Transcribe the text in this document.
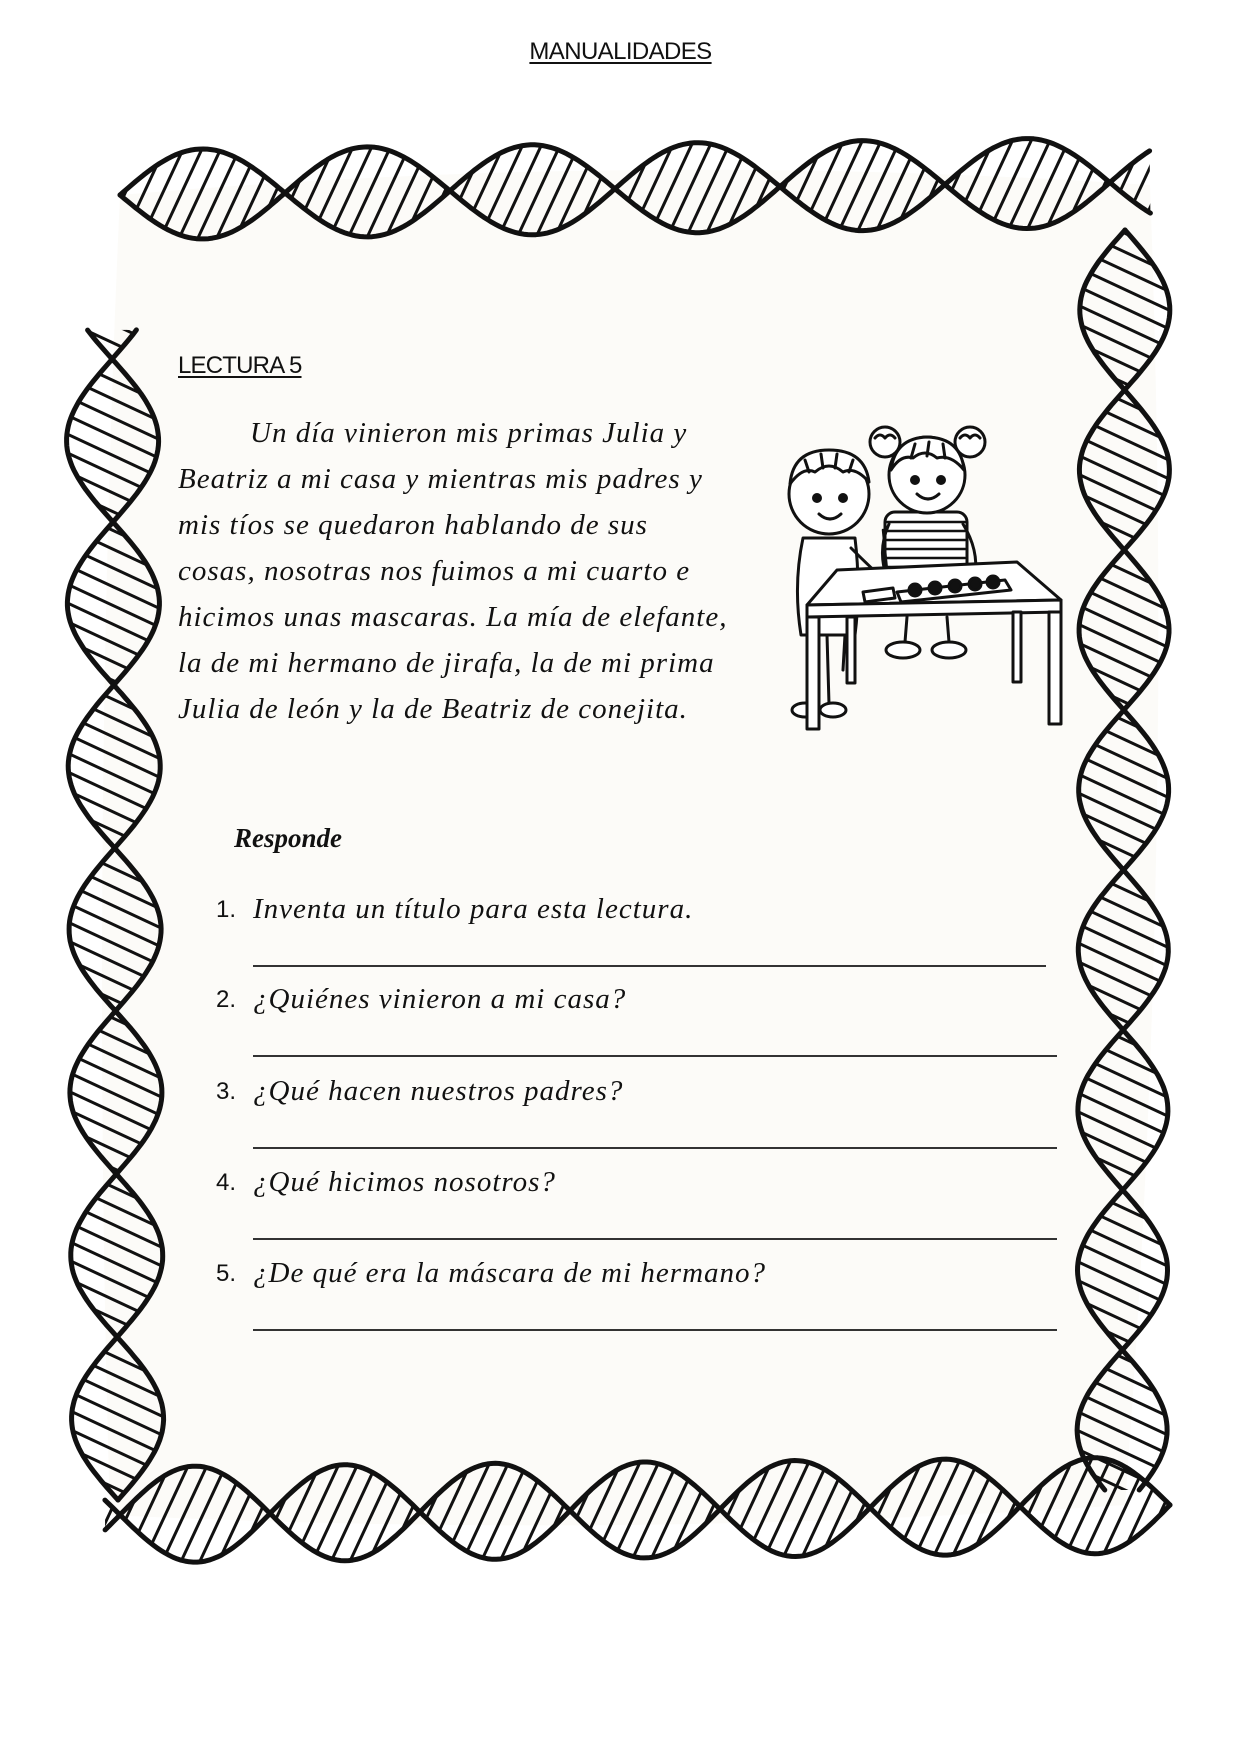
MANUALIDADES
LECTURA 5
Un día vinieron mis primas Julia y
Beatriz a mi casa y mientras mis padres y
mis tíos se quedaron hablando de sus
cosas, nosotras nos fuimos a mi cuarto e
hicimos unas mascaras. La mía de elefante,
la de mi hermano de jirafa, la de mi prima
Julia de león y la de Beatriz de conejita.
Responde
1. Inventa un título para esta lectura.
2. ¿Quiénes vinieron a mi casa?
3. ¿Qué hacen nuestros padres?
4. ¿Qué hicimos nosotros?
5. ¿De qué era la máscara de mi hermano?
